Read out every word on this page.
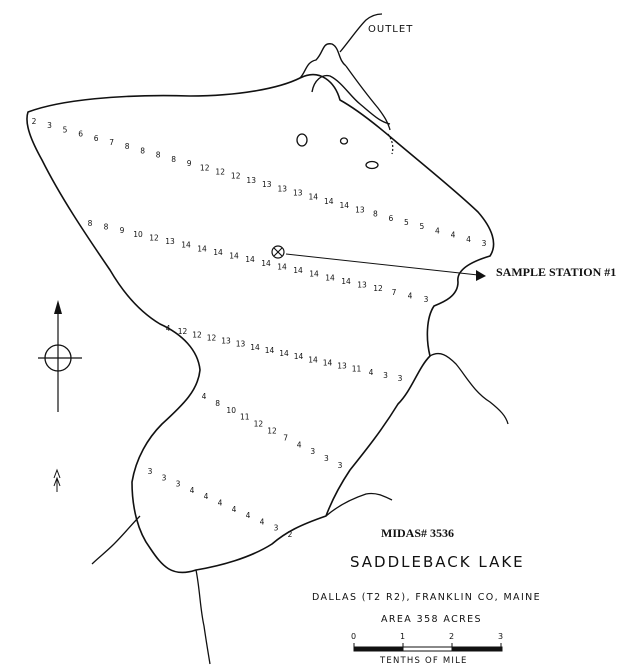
2 3 5 6 6 7 8 8 8 8 9 12 12 12 13 13 13 13 14 14 14 13 8 6 5 5 4 4 4 3
8 8 9 10 12 13 14 14 14 14 14 14 14 14 14 14 14 13 12 7 4 3
4 12 12 12 13 13 14 14 14 14 14 14 13 11 4 3 3
4
8
10
11
12
12
7
4
3
3
3
3
3
3
4
4
4
4
4
4
3
2
OUTLET
SAMPLE STATION #1
MIDAS# 3536
SADDLEBACK LAKE
DALLAS (T2 R2), FRANKLIN CO, MAINE
AREA 358 ACRES
0	1	2	3
TENTHS OF MILE
